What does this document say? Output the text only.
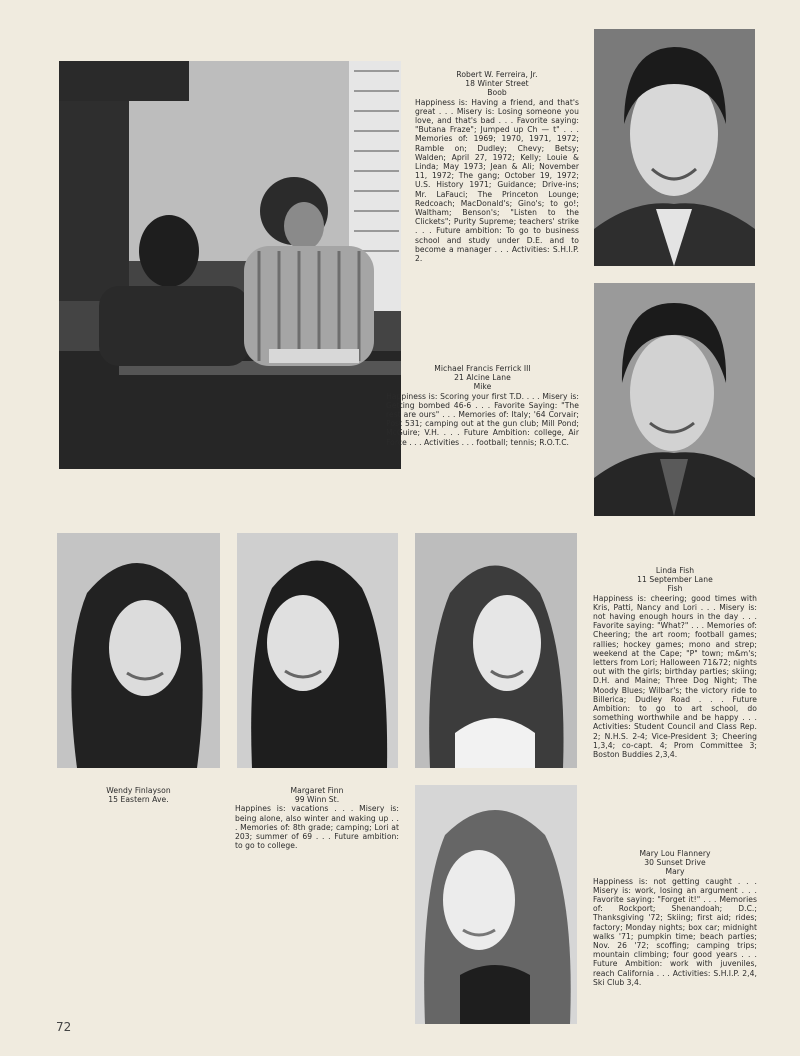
Robert W. Ferreira, Jr.
18 Winter Street
Boob
Happiness is: Having a friend, and that's great . . . Misery is: Losing someone you love, and that's bad . . . Favorite saying: "Butana Fraze"; Jumped up Ch — t" . . . Memories of: 1969; 1970, 1971, 1972; Ramble on; Dudley; Chevy; Betsy; Walden; April 27, 1972; Kelly; Louie & Linda; May 1973; Jean & Ali; November 11, 1972; The gang; October 19, 1972; U.S. History 1971; Guidance; Drive-ins; Mr. LaFauci; The Princeton Lounge; Redcoach; MacDonald's; Gino's; to go!; Waltham; Benson's; "Listen to the Clickets"; Purity Supreme; teachers' strike . . . Future ambition: To go to business school and study under D.E. and to become a manager . . . Activities: S.H.I.P. 2.
Michael Francis Ferrick III
21 Alcine Lane
Mike
Happiness is: Scoring your first T.D. . . . Misery is: Getting bombed 46-6 . . . Favorite Saying: "The rest are ours" . . . Memories of: Italy; '64 Corvair; Post 531; camping out at the gun club; Mill Pond; McGuire; V.H. . . . Future Ambition: college, Air Force . . . Activities . . . football; tennis; R.O.T.C.
Wendy Finlayson
15 Eastern Ave.
Margaret Finn
99 Winn St.
Happines is: vacations . . . Misery is: being alone, also winter and waking up . . . Memories of: 8th grade; camping; Lori at 203; summer of 69 . . . Future ambition: to go to college.
Linda Fish
11 September Lane
Fish
Happiness is: cheering; good times with Kris, Patti, Nancy and Lori . . . Misery is: not having enough hours in the day . . . Favorite saying: "What?" . . . Memories of: Cheering; the art room; football games; rallies; hockey games; mono and strep; weekend at the Cape; "P" town; m&m's; letters from Lori; Halloween 71&72; nights out with the girls; birthday parties; skiing; D.H. and Maine; Three Dog Night; The Moody Blues; Wilbar's; the victory ride to Billerica; Dudley Road . . . Future Ambition: to go to art school, do something worthwhile and be happy . . . Activities: Student Council and Class Rep. 2; N.H.S. 2-4; Vice-President 3; Cheering 1,3,4; co-capt. 4; Prom Committee 3; Boston Buddies 2,3,4.
Mary Lou Flannery
30 Sunset Drive
Mary
Happiness is: not getting caught . . . Misery is: work, losing an argument . . . Favorite saying: "Forget it!" . . . Memories of: Rockport; Shenandoah; D.C.; Thanksgiving '72; Skiing; first aid; rides; factory; Monday nights; box car; midnight walks '71; pumpkin time; beach parties; Nov. 26 '72; scoffing; camping trips; mountain climbing; four good years . . . Future Ambition: work with juveniles, reach California . . . Activities: S.H.I.P. 2,4, Ski Club 3,4.
72
